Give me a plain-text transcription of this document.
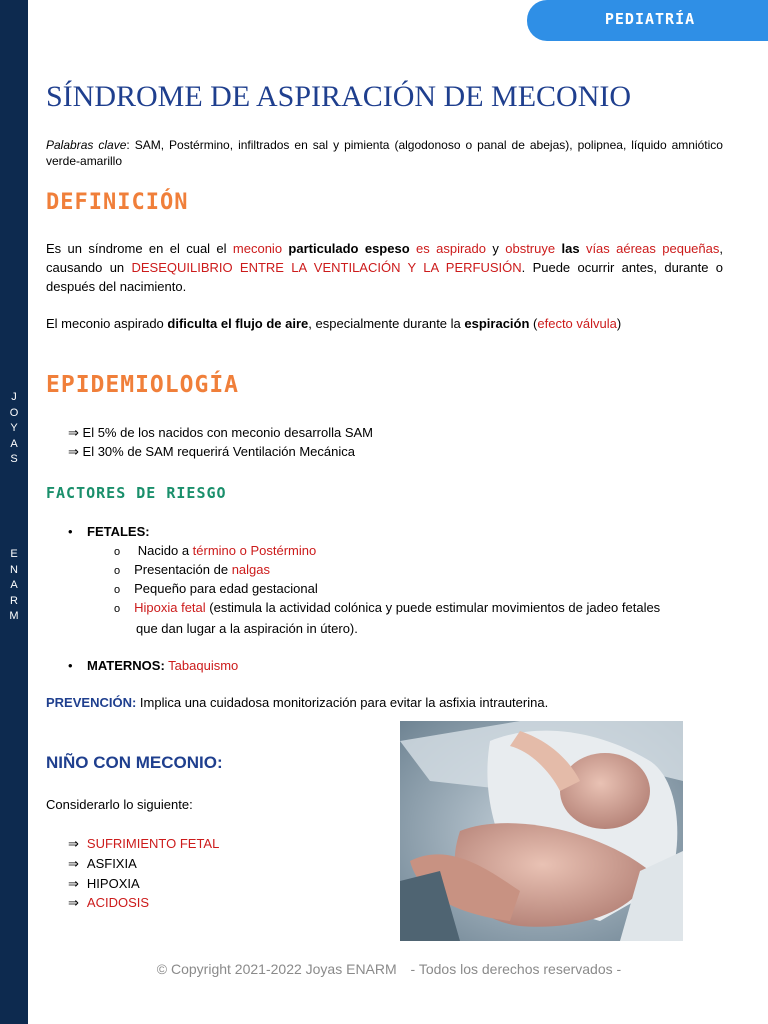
J
O
Y
A
S
E
N
A
R
M
PEDIATRÍA
SÍNDROME DE ASPIRACIÓN DE MECONIO
Palabras clave: SAM, Postérmino, infiltrados en sal y pimienta (algodonoso o panal de abejas), polipnea, líquido amniótico verde-amarillo
DEFINICIÓN
Es un síndrome en el cual el meconio particulado espeso es aspirado y obstruye las vías aéreas pequeñas, causando un DESEQUILIBRIO ENTRE LA VENTILACIÓN Y LA PERFUSIÓN. Puede ocurrir antes, durante o después del nacimiento.
El meconio aspirado dificulta el flujo de aire, especialmente durante la espiración (efecto válvula)
EPIDEMIOLOGÍA
⇒ El 5% de los nacidos con meconio desarrolla SAM
⇒ El 30% de SAM requerirá Ventilación Mecánica
FACTORES DE RIESGO
• FETALES:
o Nacido a término o Postérmino
o Presentación de nalgas
o Pequeño para edad gestacional
o Hipoxia fetal (estimula la actividad colónica y puede estimular movimientos de jadeo fetales
que dan lugar a la aspiración in útero).
• MATERNOS: Tabaquismo
PREVENCIÓN: Implica una cuidadosa monitorización para evitar la asfixia intrauterina.
NIÑO CON MECONIO:
Considerarlo lo siguiente:
⇒ SUFRIMIENTO FETAL
⇒ ASFIXIA
⇒ HIPOXIA
⇒ ACIDOSIS
© Copyright 2021-2022 Joyas ENARM - Todos los derechos reservados -
